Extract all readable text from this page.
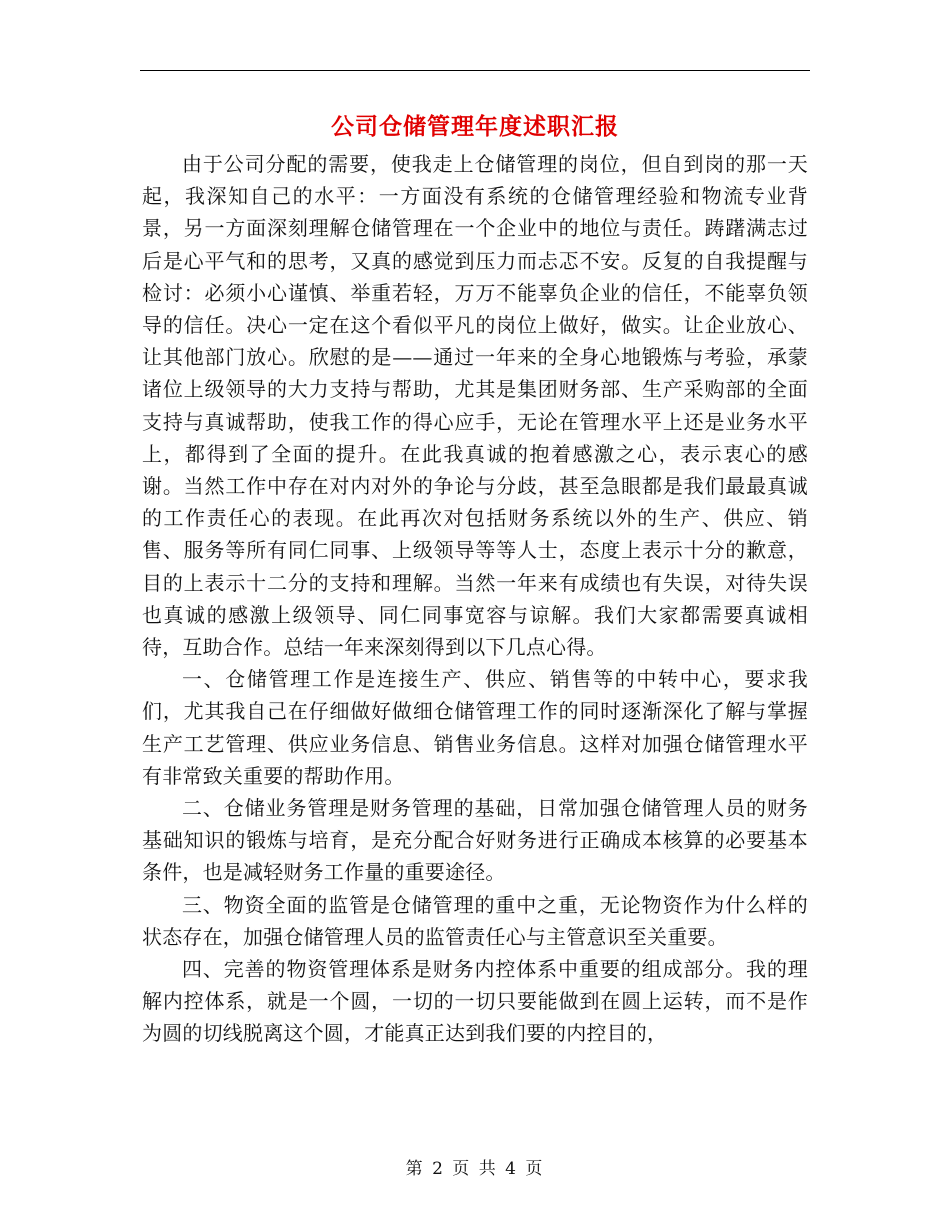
公司仓储管理年度述职汇报

由于公司分配的需要，使我走上仓储管理的岗位，但自到岗的那一天起，我深知自己的水平：一方面没有系统的仓储管理经验和物流专业背景，另一方面深刻理解仓储管理在一个企业中的地位与责任。踌躇满志过后是心平气和的思考，又真的感觉到压力而忐忑不安。反复的自我提醒与检讨：必须小心谨慎、举重若轻，万万不能辜负企业的信任，不能辜负领导的信任。决心一定在这个看似平凡的岗位上做好，做实。让企业放心、让其他部门放心。欣慰的是——通过一年来的全身心地锻炼与考验，承蒙诸位上级领导的大力支持与帮助，尤其是集团财务部、生产采购部的全面支持与真诚帮助，使我工作的得心应手，无论在管理水平上还是业务水平上，都得到了全面的提升。在此我真诚的抱着感激之心，表示衷心的感谢。当然工作中存在对内对外的争论与分歧，甚至急眼都是我们最最真诚的工作责任心的表现。在此再次对包括财务系统以外的生产、供应、销售、服务等所有同仁同事、上级领导等等人士，态度上表示十分的歉意，目的上表示十二分的支持和理解。当然一年来有成绩也有失误，对待失误也真诚的感激上级领导、同仁同事宽容与谅解。我们大家都需要真诚相待，互助合作。总结一年来深刻得到以下几点心得。

一、仓储管理工作是连接生产、供应、销售等的中转中心，要求我们，尤其我自己在仔细做好做细仓储管理工作的同时逐渐深化了解与掌握生产工艺管理、供应业务信息、销售业务信息。这样对加强仓储管理水平有非常致关重要的帮助作用。

二、仓储业务管理是财务管理的基础，日常加强仓储管理人员的财务基础知识的锻炼与培育，是充分配合好财务进行正确成本核算的必要基本条件，也是减轻财务工作量的重要途径。

三、物资全面的监管是仓储管理的重中之重，无论物资作为什么样的状态存在，加强仓储管理人员的监管责任心与主管意识至关重要。

四、完善的物资管理体系是财务内控体系中重要的组成部分。我的理解内控体系，就是一个圆，一切的一切只要能做到在圆上运转，而不是作为圆的切线脱离这个圆，才能真正达到我们要的内控目的，

第 2 页 共 4 页
